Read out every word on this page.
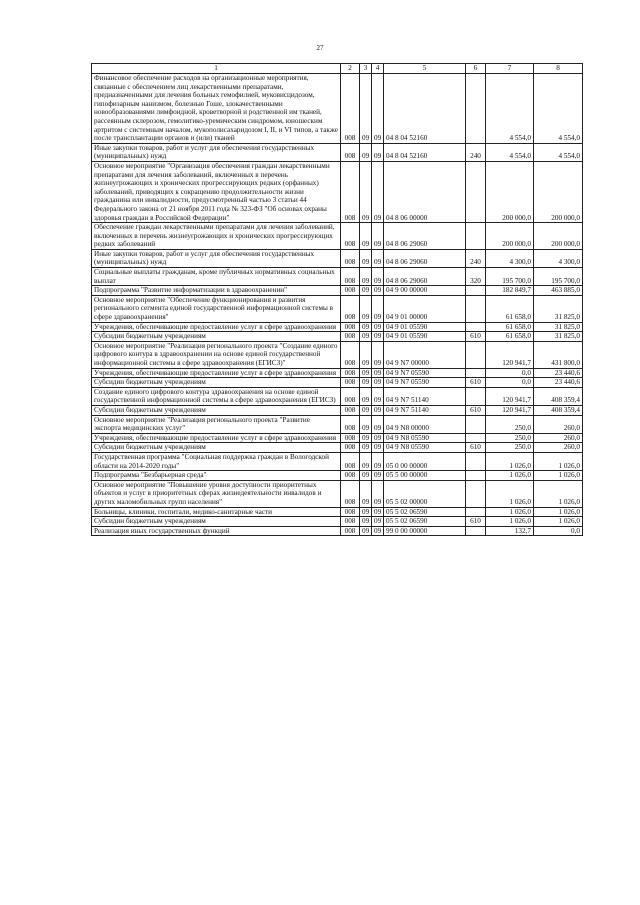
27
1	2	3	4	5	6	7	8
Финансовое обеспечение расходов на организационные мероприятия, связанные с обеспечением лиц лекарственными препаратами, предназначенными для лечения больных гемофилией, муковисцидозом, гипофизарным нанизмом, болезнью Гоше, злокачественными новообразованиями лимфоидной, кроветворной и родственной им тканей, рассеянным склерозом, гемолитико-уремическим синдромом, юношеским артритом с системным началом, мукополисахаридозом I, II, и VI типов, а также после трансплантации органов и (или) тканей	008	09	09	04 8 04 52160		4 554,0	4 554,0
Иные закупки товаров, работ и услуг для обеспечения государственных (муниципальных) нужд	008	09	09	04 8 04 52160	240	4 554,0	4 554,0
Основное мероприятие "Организация обеспечения граждан лекарственными препаратами для лечения заболеваний, включенных в перечень жизнеугрожающих и хронических прогрессирующих редких (орфанных) заболеваний, приводящих к сокращению продолжительности жизни гражданина или инвалидности, предусмотренный частью 3 статьи 44 Федерального закона от 21 ноября 2011 года № 323-ФЗ "Об основах охраны здоровья граждан в Российской Федерации"	008	09	09	04 8 06 00000		200 000,0	200 000,0
Обеспечение граждан лекарственными препаратами для лечения заболеваний, включенных в перечень жизнеугрожающих и хронических прогрессирующих редких заболеваний	008	09	09	04 8 06 29060		200 000,0	200 000,0
Иные закупки товаров, работ и услуг для обеспечения государственных (муниципальных) нужд	008	09	09	04 8 06 29060	240	4 300,0	4 300,0
Социальные выплаты гражданам, кроме публичных нормативных социальных выплат	008	09	09	04 8 06 29060	320	195 700,0	195 700,0
Подпрограмма "Развитие информатизации в здравоохранении"	008	09	09	04 9 00 00000		182 849,7	463 885,0
Основное мероприятие "Обеспечение функционирования и развития регионального сегмента единой государственной информационной системы в сфере здравоохранения"	008	09	09	04 9 01 00000		61 658,0	31 825,0
Учреждения, обеспечивающие предоставление услуг в сфере здравоохранения	008	09	09	04 9 01 05590		61 658,0	31 825,0
Субсидии бюджетным учреждениям	008	09	09	04 9 01 05590	610	61 658,0	31 825,0
Основное мероприятие "Реализация регионального проекта "Создание единого цифрового контура в здравоохранении на основе единой государственной информационной системы в сфере здравоохранения (ЕГИСЗ)"	008	09	09	04 9 N7 00000		120 941,7	431 800,0
Учреждения, обеспечивающие предоставление услуг в сфере здравоохранения	008	09	09	04 9 N7 05590		0,0	23 440,6
Субсидии бюджетным учреждениям	008	09	09	04 9 N7 05590	610	0,0	23 440,6
Создание единого цифрового контура здравоохранения на основе единой государственной информационной системы в сфере здравоохранения (ЕГИСЗ)	008	09	09	04 9 N7 51140		120 941,7	408 359,4
Субсидии бюджетным учреждениям	008	09	09	04 9 N7 51140	610	120 941,7	408 359,4
Основное мероприятие "Реализация регионального проекта "Развитие экспорта медицинских услуг"	008	09	09	04 9 N8 00000		250,0	260,0
Учреждения, обеспечивающие предоставление услуг в сфере здравоохранения	008	09	09	04 9 N8 05590		250,0	260,0
Субсидии бюджетным учреждениям	008	09	09	04 9 N8 05590	610	250,0	260,0
Государственная программа "Социальная поддержка граждан в Вологодской области на 2014-2020 годы"	008	09	09	05 0 00 00000		1 026,0	1 026,0
Подпрограмма "Безбарьерная среда"	008	09	09	05 5 00 00000		1 026,0	1 026,0
Основное мероприятие "Повышение уровня доступности приоритетных объектов и услуг в приоритетных сферах жизнедеятельности инвалидов и других маломобильных групп населения"	008	09	09	05 5 02 00000		1 026,0	1 026,0
Больницы, клиники, госпитали, медико-санитарные части	008	09	09	05 5 02 06590		1 026,0	1 026,0
Субсидии бюджетным учреждениям	008	09	09	05 5 02 06590	610	1 026,0	1 026,0
Реализация иных государственных функций	008	09	09	99 0 00 00000		132,7	0,0
